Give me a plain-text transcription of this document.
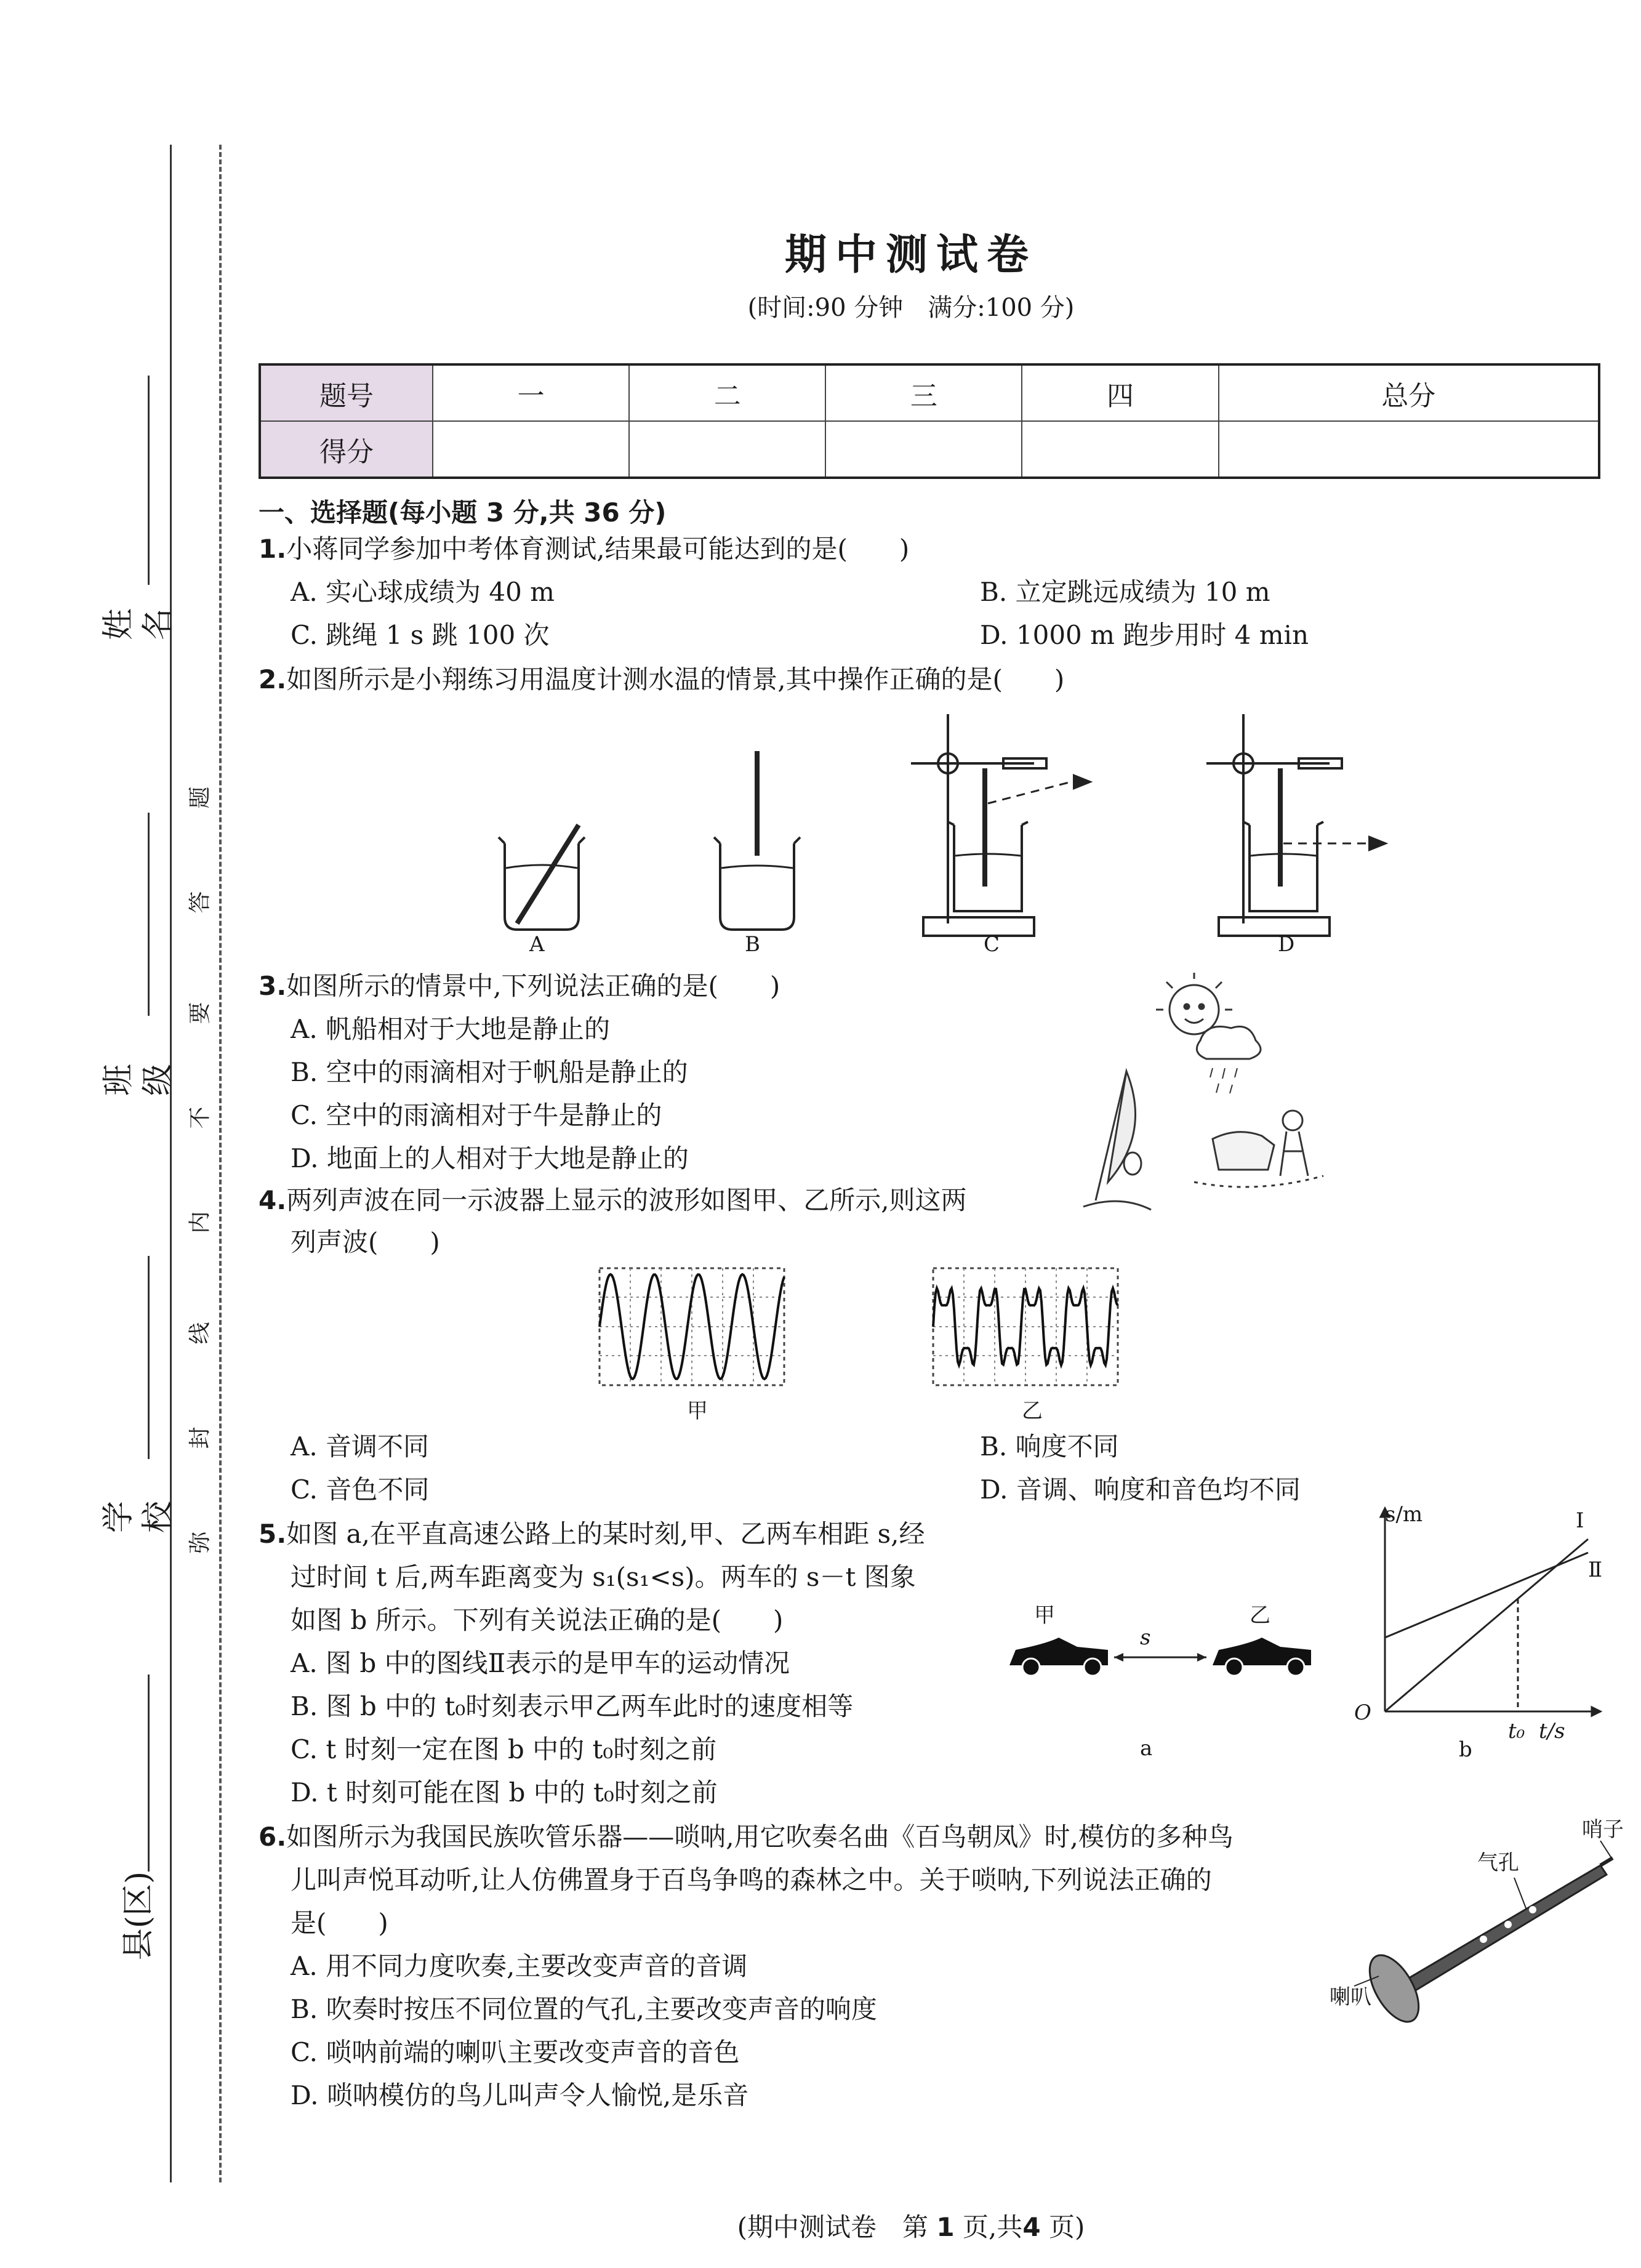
姓名
班级
学校
县(区)
题
答
要
不
内
线
封
弥
期中测试卷
(时间:90 分钟　满分:100 分)
题号	一	二	三	四	总分
得分					
一、选择题(每小题 3 分,共 36 分)
1.小蒋同学参加中考体育测试,结果最可能达到的是(　　)
A. 实心球成绩为 40 m	B. 立定跳远成绩为 10 m
C. 跳绳 1 s 跳 100 次	D. 1000 m 跑步用时 4 min
2.如图所示是小翔练习用温度计测水温的情景,其中操作正确的是(　　)
A	B	C	D
3.如图所示的情景中,下列说法正确的是(　　)
A. 帆船相对于大地是静止的
B. 空中的雨滴相对于帆船是静止的
C. 空中的雨滴相对于牛是静止的
D. 地面上的人相对于大地是静止的
4.两列声波在同一示波器上显示的波形如图甲、乙所示,则这两
列声波(　　)
甲	乙
A. 音调不同	B. 响度不同
C. 音色不同	D. 音调、响度和音色均不同
5.如图 a,在平直高速公路上的某时刻,甲、乙两车相距 s,经
过时间 t 后,两车距离变为 s₁(s₁<s)。两车的 s－t 图象
如图 b 所示。下列有关说法正确的是(　　)
A. 图 b 中的图线Ⅱ表示的是甲车的运动情况
B. 图 b 中的 t₀时刻表示甲乙两车此时的速度相等
C. t 时刻一定在图 b 中的 t₀时刻之前
D. t 时刻可能在图 b 中的 t₀时刻之前
甲	乙
s
a
s/m
t/s
O
t₀
Ⅰ
Ⅱ
b
6.如图所示为我国民族吹管乐器——唢呐,用它吹奏名曲《百鸟朝凤》时,模仿的多种鸟
儿叫声悦耳动听,让人仿佛置身于百鸟争鸣的森林之中。关于唢呐,下列说法正确的
是(　　)
A. 用不同力度吹奏,主要改变声音的音调
B. 吹奏时按压不同位置的气孔,主要改变声音的响度
C. 唢呐前端的喇叭主要改变声音的音色
D. 唢呐模仿的鸟儿叫声令人愉悦,是乐音
哨子
气孔
喇叭
(期中测试卷　第 1 页,共4 页)
